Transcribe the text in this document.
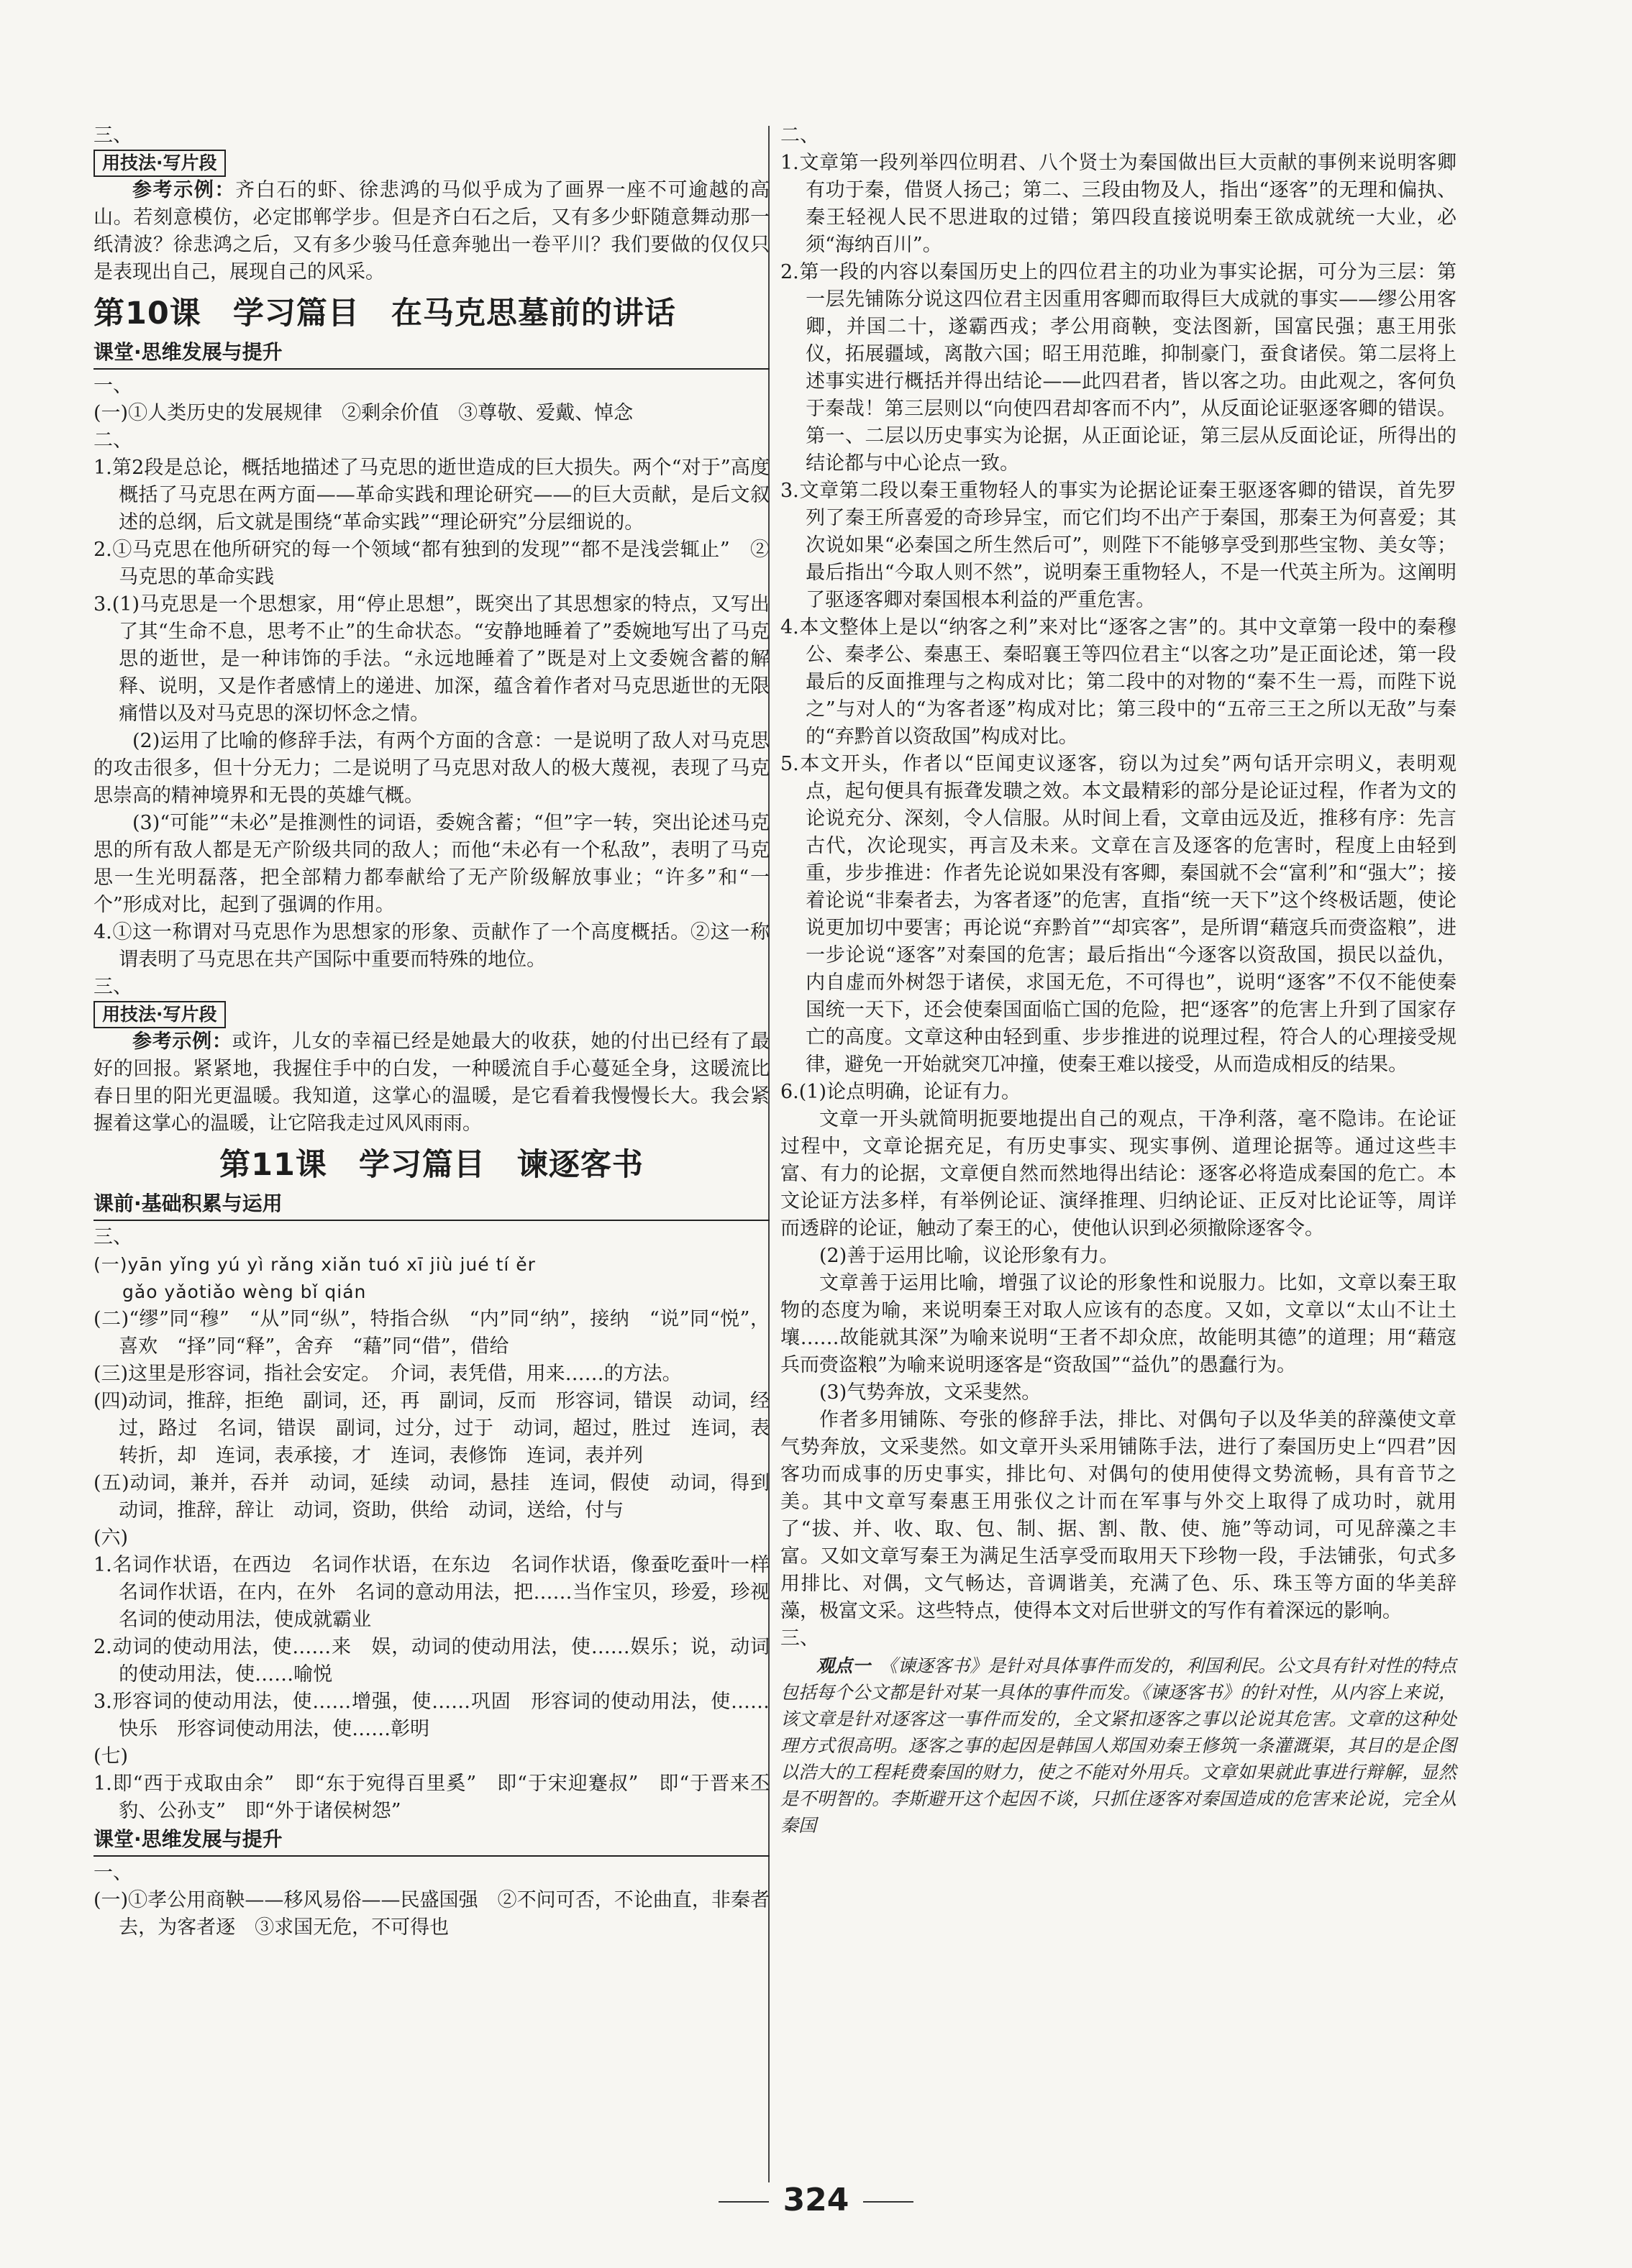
三、

用技法·写片段

参考示例：齐白石的虾、徐悲鸿的马似乎成为了画界一座不可逾越的高山。若刻意模仿，必定邯郸学步。但是齐白石之后，又有多少虾随意舞动那一纸清波？徐悲鸿之后，又有多少骏马任意奔驰出一卷平川？我们要做的仅仅只是表现出自己，展现自己的风采。

第10课　学习篇目　在马克思墓前的讲话
课堂·思维发展与提升

一、

(一)①人类历史的发展规律　②剩余价值　③尊敬、爱戴、悼念

二、

1.第2段是总论，概括地描述了马克思的逝世造成的巨大损失。两个“对于”高度概括了马克思在两方面——革命实践和理论研究——的巨大贡献，是后文叙述的总纲，后文就是围绕“革命实践”“理论研究”分层细说的。

2.①马克思在他所研究的每一个领域“都有独到的发现”“都不是浅尝辄止”　②马克思的革命实践

3.(1)马克思是一个思想家，用“停止思想”，既突出了其思想家的特点，又写出了其“生命不息，思考不止”的生命状态。“安静地睡着了”委婉地写出了马克思的逝世，是一种讳饰的手法。“永远地睡着了”既是对上文委婉含蓄的解释、说明，又是作者感情上的递进、加深，蕴含着作者对马克思逝世的无限痛惜以及对马克思的深切怀念之情。

(2)运用了比喻的修辞手法，有两个方面的含意：一是说明了敌人对马克思的攻击很多，但十分无力；二是说明了马克思对敌人的极大蔑视，表现了马克思崇高的精神境界和无畏的英雄气概。

(3)“可能”“未必”是推测性的词语，委婉含蓄；“但”字一转，突出论述马克思的所有敌人都是无产阶级共同的敌人；而他“未必有一个私敌”，表明了马克思一生光明磊落，把全部精力都奉献给了无产阶级解放事业；“许多”和“一个”形成对比，起到了强调的作用。

4.①这一称谓对马克思作为思想家的形象、贡献作了一个高度概括。②这一称谓表明了马克思在共产国际中重要而特殊的地位。

三、

用技法·写片段

参考示例：或许，儿女的幸福已经是她最大的收获，她的付出已经有了最好的回报。紧紧地，我握住手中的白发，一种暖流自手心蔓延全身，这暖流比春日里的阳光更温暖。我知道，这掌心的温暖，是它看着我慢慢长大。我会紧握着这掌心的温暖，让它陪我走过风风雨雨。

第11课　学习篇目　谏逐客书
课前·基础积累与运用

三、

(一)yān yǐng yú yì rǎng xiǎn tuó xī jiù jué tí ěr

gǎo yǎotiǎo wèng bǐ qián

(二)“缪”同“穆”　“从”同“纵”，特指合纵　“内”同“纳”，接纳　“说”同“悦”，喜欢　“择”同“释”，舍弃　“藉”同“借”，借给

(三)这里是形容词，指社会安定。　介词，表凭借，用来……的方法。

(四)动词，推辞，拒绝　副词，还，再　副词，反而　形容词，错误　动词，经过，路过　名词，错误　副词，过分，过于　动词，超过，胜过　连词，表转折，却　连词，表承接，才　连词，表修饰　连词，表并列

(五)动词，兼并，吞并　动词，延续　动词，悬挂　连词，假使　动词，得到　动词，推辞，辞让　动词，资助，供给　动词，送给，付与

(六)

1.名词作状语，在西边　名词作状语，在东边　名词作状语，像蚕吃蚕叶一样　名词作状语，在内，在外　名词的意动用法，把……当作宝贝，珍爱，珍视　名词的使动用法，使成就霸业

2.动词的使动用法，使……来　娱，动词的使动用法，使……娱乐；说，动词的使动用法，使……喻悦

3.形容词的使动用法，使……增强，使……巩固　形容词的使动用法，使……快乐　形容词使动用法，使……彰明

(七)

1.即“西于戎取由余”　即“东于宛得百里奚”　即“于宋迎蹇叔”　即“于晋来丕豹、公孙支”　即“外于诸侯树怨”

课堂·思维发展与提升

一、

(一)①孝公用商鞅——移风易俗——民盛国强　②不问可否，不论曲直，非秦者去，为客者逐　③求国无危，不可得也

二、

1.文章第一段列举四位明君、八个贤士为秦国做出巨大贡献的事例来说明客卿有功于秦，借贤人扬己；第二、三段由物及人，指出“逐客”的无理和偏执、秦王轻视人民不思进取的过错；第四段直接说明秦王欲成就统一大业，必须“海纳百川”。

2.第一段的内容以秦国历史上的四位君主的功业为事实论据，可分为三层：第一层先铺陈分说这四位君主因重用客卿而取得巨大成就的事实——缪公用客卿，并国二十，遂霸西戎；孝公用商鞅，变法图新，国富民强；惠王用张仪，拓展疆域，离散六国；昭王用范雎，抑制豪门，蚕食诸侯。第二层将上述事实进行概括并得出结论——此四君者，皆以客之功。由此观之，客何负于秦哉！第三层则以“向使四君却客而不内”，从反面论证驱逐客卿的错误。第一、二层以历史事实为论据，从正面论证，第三层从反面论证，所得出的结论都与中心论点一致。

3.文章第二段以秦王重物轻人的事实为论据论证秦王驱逐客卿的错误，首先罗列了秦王所喜爱的奇珍异宝，而它们均不出产于秦国，那秦王为何喜爱；其次说如果“必秦国之所生然后可”，则陛下不能够享受到那些宝物、美女等；最后指出“今取人则不然”，说明秦王重物轻人，不是一代英主所为。这阐明了驱逐客卿对秦国根本利益的严重危害。

4.本文整体上是以“纳客之利”来对比“逐客之害”的。其中文章第一段中的秦穆公、秦孝公、秦惠王、秦昭襄王等四位君主“以客之功”是正面论述，第一段最后的反面推理与之构成对比；第二段中的对物的“秦不生一焉，而陛下说之”与对人的“为客者逐”构成对比；第三段中的“五帝三王之所以无敌”与秦的“弃黔首以资敌国”构成对比。

5.本文开头，作者以“臣闻吏议逐客，窃以为过矣”两句话开宗明义，表明观点，起句便具有振聋发聩之效。本文最精彩的部分是论证过程，作者为文的论说充分、深刻，令人信服。从时间上看，文章由远及近，推移有序：先言古代，次论现实，再言及未来。文章在言及逐客的危害时，程度上由轻到重，步步推进：作者先论说如果没有客卿，秦国就不会“富利”和“强大”；接着论说“非秦者去，为客者逐”的危害，直指“统一天下”这个终极话题，使论说更加切中要害；再论说“弃黔首”“却宾客”，是所谓“藉寇兵而赍盗粮”，进一步论说“逐客”对秦国的危害；最后指出“今逐客以资敌国，损民以益仇，内自虚而外树怨于诸侯，求国无危，不可得也”，说明“逐客”不仅不能使秦国统一天下，还会使秦国面临亡国的危险，把“逐客”的危害上升到了国家存亡的高度。文章这种由轻到重、步步推进的说理过程，符合人的心理接受规律，避免一开始就突兀冲撞，使秦王难以接受，从而造成相反的结果。

6.(1)论点明确，论证有力。

文章一开头就简明扼要地提出自己的观点，干净利落，毫不隐讳。在论证过程中，文章论据充足，有历史事实、现实事例、道理论据等。通过这些丰富、有力的论据，文章便自然而然地得出结论：逐客必将造成秦国的危亡。本文论证方法多样，有举例论证、演绎推理、归纳论证、正反对比论证等，周详而透辟的论证，触动了秦王的心，使他认识到必须撤除逐客令。

(2)善于运用比喻，议论形象有力。

文章善于运用比喻，增强了议论的形象性和说服力。比如，文章以秦王取物的态度为喻，来说明秦王对取人应该有的态度。又如，文章以“太山不让土壤……故能就其深”为喻来说明“王者不却众庶，故能明其德”的道理；用“藉寇兵而赍盗粮”为喻来说明逐客是“资敌国”“益仇”的愚蠢行为。

(3)气势奔放，文采斐然。

作者多用铺陈、夸张的修辞手法，排比、对偶句子以及华美的辞藻使文章气势奔放，文采斐然。如文章开头采用铺陈手法，进行了秦国历史上“四君”因客功而成事的历史事实，排比句、对偶句的使用使得文势流畅，具有音节之美。其中文章写秦惠王用张仪之计而在军事与外交上取得了成功时，就用了“拔、并、收、取、包、制、据、割、散、使、施”等动词，可见辞藻之丰富。又如文章写秦王为满足生活享受而取用天下珍物一段，手法铺张，句式多用排比、对偶，文气畅达，音调谐美，充满了色、乐、珠玉等方面的华美辞藻，极富文采。这些特点，使得本文对后世骈文的写作有着深远的影响。

三、

观点一　 《谏逐客书》是针对具体事件而发的，利国利民。公文具有针对性的特点包括每个公文都是针对某一具体的事件而发。《谏逐客书》的针对性，从内容上来说，该文章是针对逐客这一事件而发的，全文紧扣逐客之事以论说其危害。文章的这种处理方式很高明。逐客之事的起因是韩国人郑国劝秦王修筑一条灌溉渠，其目的是企图以浩大的工程耗费秦国的财力，使之不能对外用兵。文章如果就此事进行辩解，显然是不明智的。李斯避开这个起因不谈，只抓住逐客对秦国造成的危害来论说，完全从秦国

324
